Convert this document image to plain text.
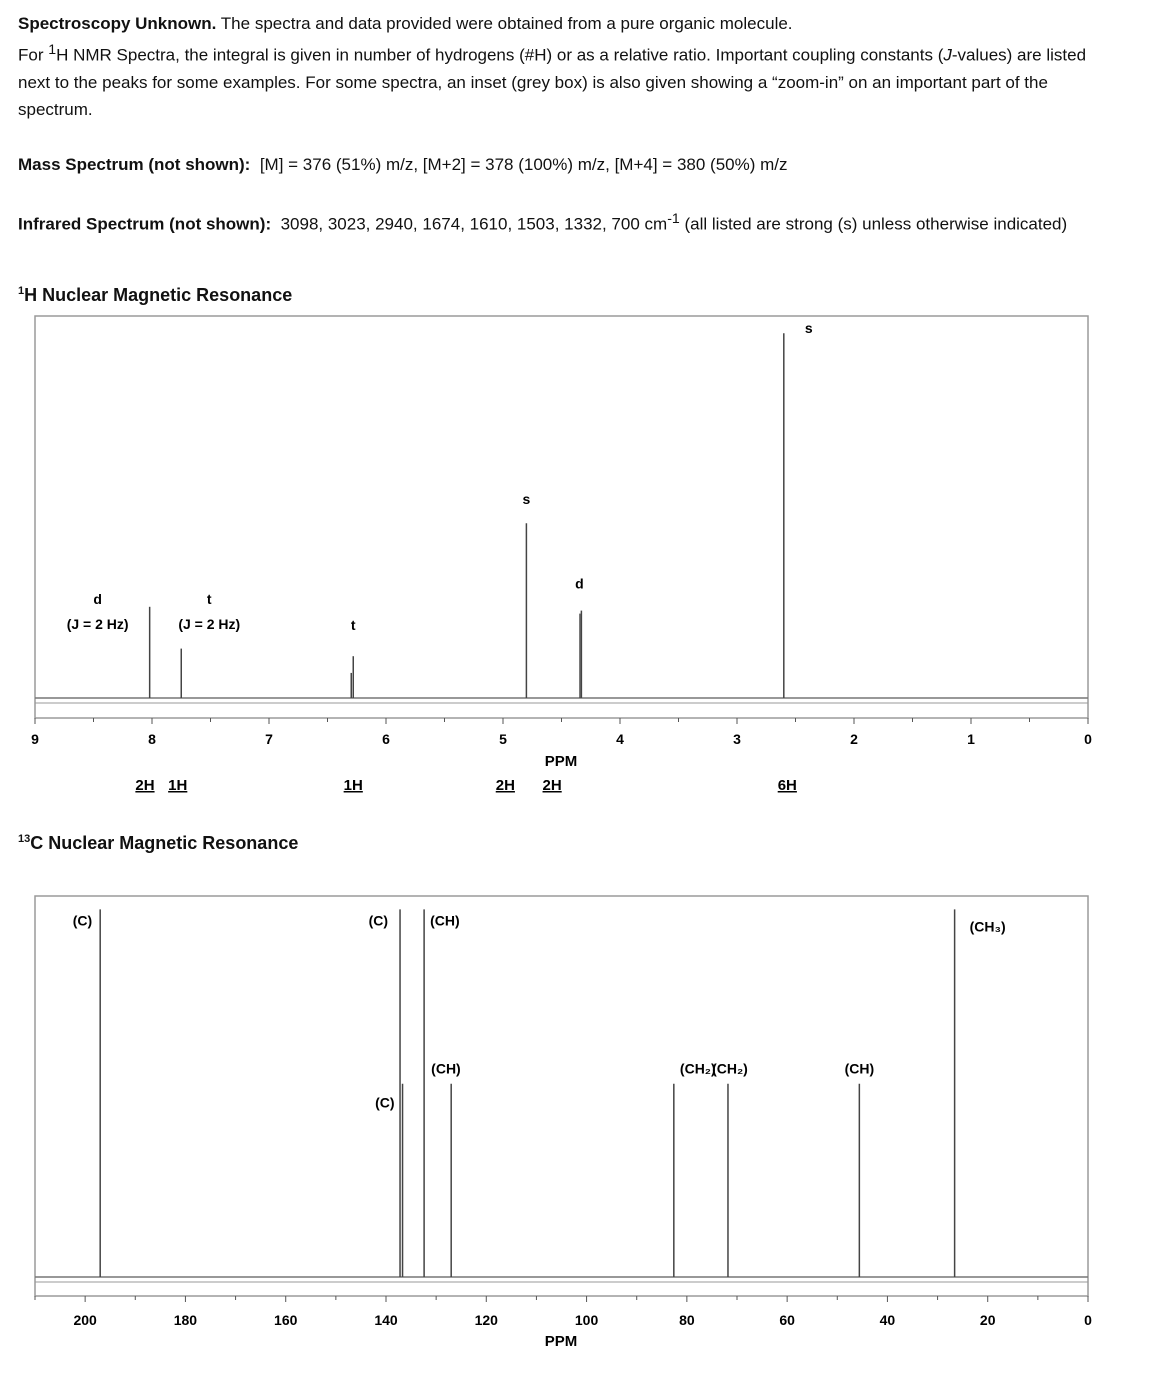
Spectroscopy Unknown. The spectra and data provided were obtained from a pure organic molecule.

For $^1$H NMR Spectra, the integral is given in number of hydrogens (#H) or as a relative ratio. Important coupling constants (J-values) are listed next to the peaks for some examples. For some spectra, an inset (grey box) is also given showing a “zoom-in” on an important part of the spectrum.

Mass Spectrum (not shown): [M] = 376 (51%) m/z, [M+2] = 378 (100%) m/z, [M+4] = 380 (50%) m/z

Infrared Spectrum (not shown): 3098, 3023, 2940, 1674, 1610, 1503, 1332, 700 $cm^{-1}$ (all listed are strong (s) unless otherwise indicated)

$^1$H Nuclear Magnetic Resonance
9	8	7	6	5	4	3	2	1	0
PPM
d
(J = 2 Hz)
t
(J = 2 Hz)	t
s
d
s
2H 1H	1H	2H 2H	6H
$^{13}$C Nuclear Magnetic Resonance
200	180	160	140	120	100	80	60	40	20	0
PPM
(C)	(C)
(C)
(CH)
(CH)	(CH₂)
(CH₂)	(CH)
(CH₃)
